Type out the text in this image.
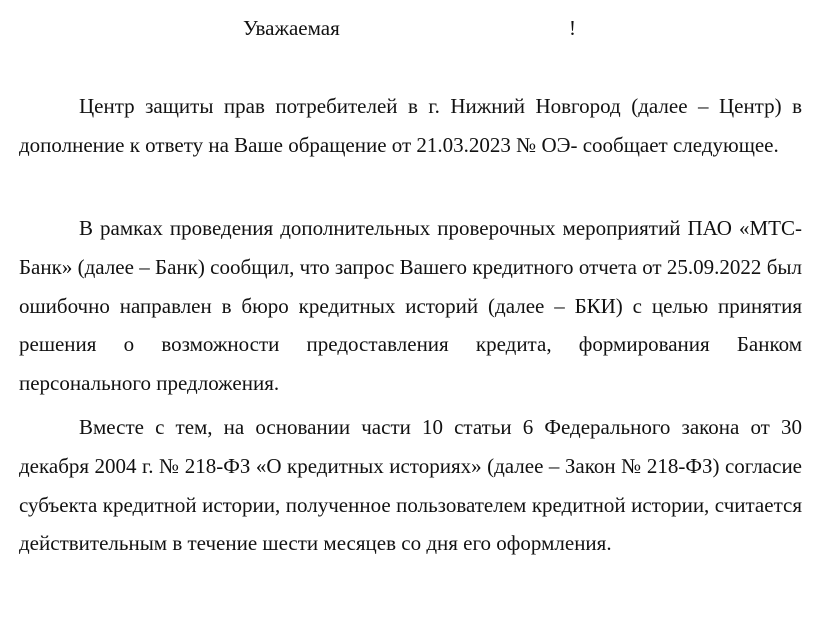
Уважаемая	!

Центр защиты прав потребителей в г. Нижний Новгород (далее – Центр) в дополнение к ответу на Ваше обращение от 21.03.2023 № ОЭ- сообщает следующее.

В рамках проведения дополнительных проверочных мероприятий ПАО «МТС-Банк» (далее – Банк) сообщил, что запрос Вашего кредитного отчета от 25.09.2022 был ошибочно направлен в бюро кредитных историй (далее – БКИ) с целью принятия решения о возможности предоставления кредита, формирования Банком персонального предложения.

Вместе с тем, на основании части 10 статьи 6 Федерального закона от 30 декабря 2004 г. № 218-ФЗ «О кредитных историях» (далее – Закон № 218-ФЗ) согласие субъекта кредитной истории, полученное пользователем кредитной истории, считается действительным в течение шести месяцев со дня его оформления.
